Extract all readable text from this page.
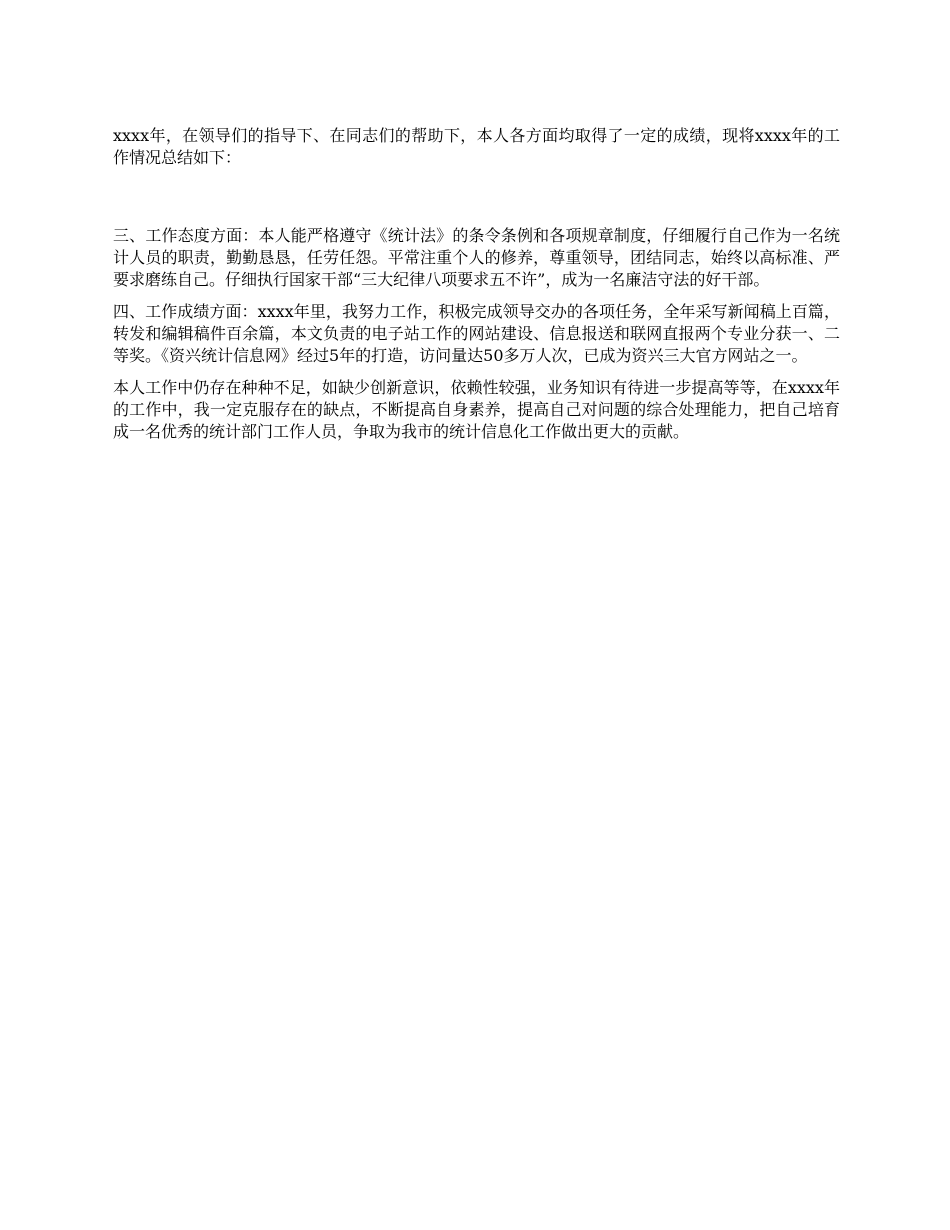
xxxx年，在领导们的指导下、在同志们的帮助下，本人各方面均取得了一定的成绩，现将xxxx年的工作情况总结如下：

三、工作态度方面：本人能严格遵守《统计法》的条令条例和各项规章制度，仔细履行自己作为一名统计人员的职责，勤勤恳恳，任劳任怨。平常注重个人的修养，尊重领导，团结同志，始终以高标准、严要求磨练自己。仔细执行国家干部“三大纪律八项要求五不许”，成为一名廉洁守法的好干部。

四、工作成绩方面：xxxx年里，我努力工作，积极完成领导交办的各项任务，全年采写新闻稿上百篇，转发和编辑稿件百余篇，本文负责的电子站工作的网站建设、信息报送和联网直报两个专业分获一、二等奖。《资兴统计信息网》经过5年的打造，访问量达50多万人次，已成为资兴三大官方网站之一。

本人工作中仍存在种种不足，如缺少创新意识，依赖性较强，业务知识有待进一步提高等等，在xxxx年的工作中，我一定克服存在的缺点，不断提高自身素养，提高自己对问题的综合处理能力，把自己培育成一名优秀的统计部门工作人员，争取为我市的统计信息化工作做出更大的贡献。
